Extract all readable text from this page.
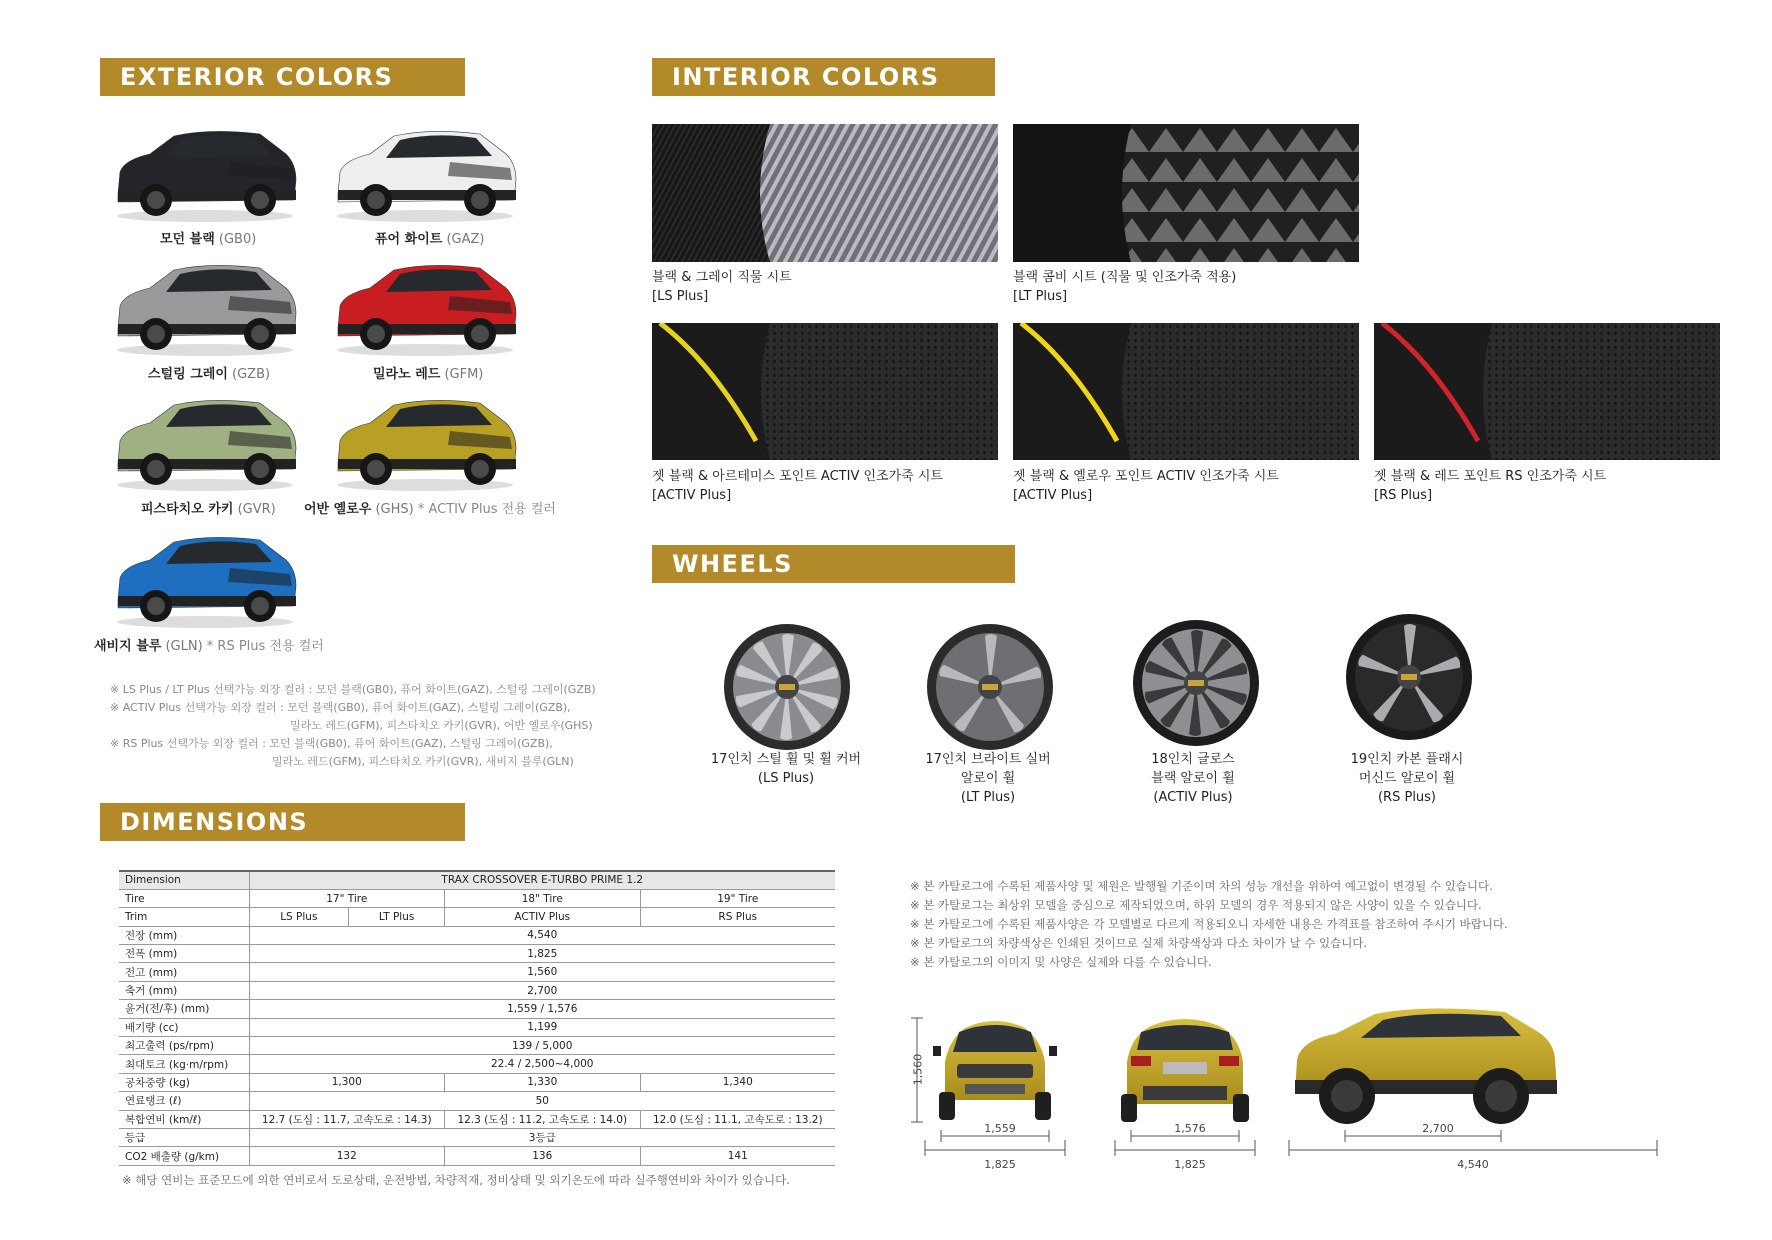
EXTERIOR COLORS	INTERIOR COLORS
WHEELS
DIMENSIONS
모던 블랙 (GB0)	퓨어 화이트 (GAZ)
스털링 그레이 (GZB)	밀라노 레드 (GFM)
피스타치오 카키 (GVR) 어반 옐로우 (GHS) * ACTIV Plus 전용 컬러
새비지 블루 (GLN) * RS Plus 전용 컬러
※ LS Plus / LT Plus 선택가능 외장 컬러 : 모던 블랙(GB0), 퓨어 화이트(GAZ), 스털링 그레이(GZB)
※ ACTIV Plus 선택가능 외장 컬러 : 모던 블랙(GB0), 퓨어 화이트(GAZ), 스털링 그레이(GZB),
밀라노 레드(GFM), 피스타치오 카키(GVR), 어반 옐로우(GHS)
※ RS Plus 선택가능 외장 컬러 : 모던 블랙(GB0), 퓨어 화이트(GAZ), 스털링 그레이(GZB),
밀라노 레드(GFM), 피스타치오 카키(GVR), 새비지 블루(GLN)
블랙 & 그레이 직물 시트
[LS Plus]
블랙 콤비 시트 (직물 및 인조가죽 적용)
[LT Plus]
젯 블랙 & 아르테미스 포인트 ACTIV 인조가죽 시트
[ACTIV Plus]
젯 블랙 & 옐로우 포인트 ACTIV 인조가죽 시트
[ACTIV Plus]
젯 블랙 & 레드 포인트 RS 인조가죽 시트
[RS Plus]
17인치 스틸 휠 및 휠 커버
(LS Plus)
17인치 브라이트 실버
알로이 휠
(LT Plus)
18인치 글로스
블랙 알로이 휠
(ACTIV Plus)
19인치 카본 플래시
머신드 알로이 휠
(RS Plus)
Dimension	TRAX CROSSOVER E-TURBO PRIME 1.2			
Tire	17" Tire		18" Tire	19" Tire
Trim	LS Plus	LT Plus	ACTIV Plus	RS Plus
전장 (mm)	4,540			
전폭 (mm)	1,825			
전고 (mm)	1,560			
축거 (mm)	2,700			
윤거(전/후) (mm)	1,559 / 1,576			
배기량 (cc)	1,199			
최고출력 (ps/rpm)	139 / 5,000			
최대토크 (kg·m/rpm)	22.4 / 2,500~4,000			
공차중량 (kg)	1,300		1,330	1,340
연료탱크 (ℓ)	50			
복합연비 (km/ℓ)	12.7 (도심 : 11.7, 고속도로 : 14.3)		12.3 (도심 : 11.2, 고속도로 : 14.0)	12.0 (도심 : 11.1, 고속도로 : 13.2)
등급	3등급			
CO2 배출량 (g/km)	132		136	141
※ 해당 연비는 표준모드에 의한 연비로서 도로상태, 운전방법, 차량적재, 정비상태 및 외기온도에 따라 실주행연비와 차이가 있습니다.
※ 본 카탈로그에 수록된 제품사양 및 제원은 발행월 기준이며 차의 성능 개선을 위하여 예고없이 변경될 수 있습니다.
※ 본 카탈로그는 최상위 모델을 중심으로 제작되었으며, 하위 모델의 경우 적용되지 않은 사양이 있을 수 있습니다.
※ 본 카탈로그에 수록된 제품사양은 각 모델별로 다르게 적용되오니 자세한 내용은 가격표를 참조하여 주시기 바랍니다.
※ 본 카탈로그의 차량색상은 인쇄된 것이므로 실제 차량색상과 다소 차이가 날 수 있습니다.
※ 본 카탈로그의 이미지 및 사양은 실제와 다를 수 있습니다.
1,560
1,559
1,825
1,576
1,825
2,700
4,540
